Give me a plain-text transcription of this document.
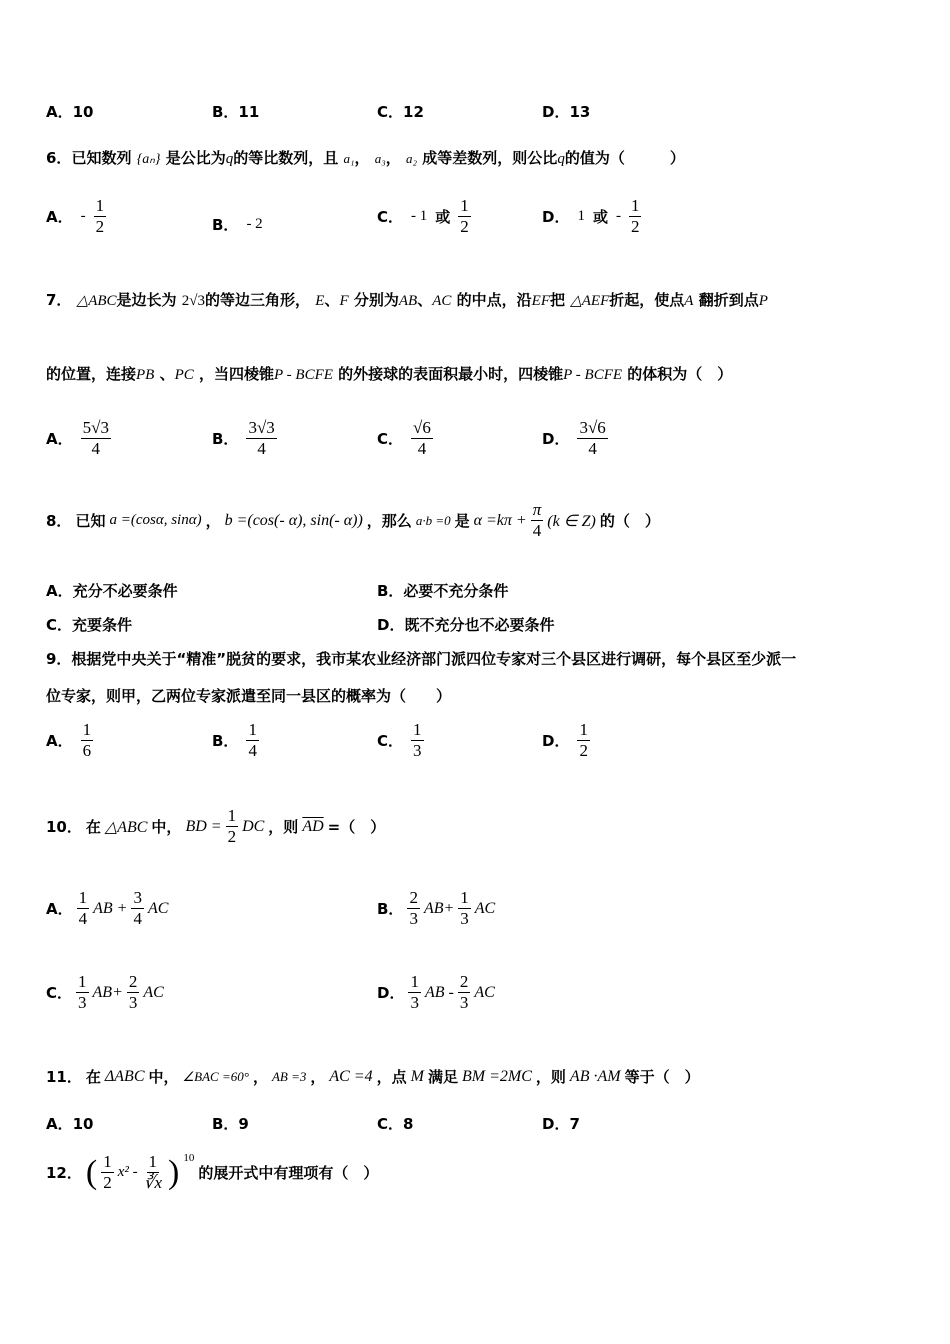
A．10	B．11	C．12	D．13
6．已知数列 {aₙ} 是公比为q的等比数列，且 a₁， a₃， a₂ 成等差数列，则公比q的值为（　　　）
A． - $\frac{1}{2}$	B． - 2	C． - 1 或 $\frac{1}{2}$	D． 1 或 - $\frac{1}{2}$
7． △ABC是边长为 2√3的等边三角形， E、F 分别为AB、AC 的中点，沿EF把 △AEF折起，使点A 翻折到点P
的位置，连接PB 、PC ，当四棱锥P - BCFE 的外接球的表面积最小时，四棱锥P - BCFE 的体积为（　）
A． $\frac{5√3}{4}$	B． $\frac{3√3}{4}$	C． $\frac{√6}{4}$	D． $\frac{3√6}{4}$
8． 已知 a =(cosα, sinα) ， b =(cos(- α), sin(- α)) ，那么 a·b =0 是 $\alpha =k\pi + \frac{\pi}{4} (k$ ∈ Z) 的（　）
A．充分不必要条件	B．必要不充分条件
C．充要条件	D．既不充分也不必要条件
9．根据党中央关于“精准”脱贫的要求，我市某农业经济部门派四位专家对三个县区进行调研，每个县区至少派一
位专家，则甲，乙两位专家派遣至同一县区的概率为（　　）
A． $\frac{1}{6}$	B． $\frac{1}{4}$	C． $\frac{1}{3}$	D． $\frac{1}{2}$
10． 在 △ABC 中， BD = $\frac{1}{2}$ DC ，则 $\overline{AD}$ =（　）
A． $\frac{1}{4}$ AB + $\frac{3}{4}$ AC	B． $\frac{2}{3} AB+ \frac{1}{3}$ AC
C． $\frac{1}{3} AB+ \frac{2}{3}$ AC	D． $\frac{1}{3}$ AB - $\frac{2}{3}$ AC
11． 在 ΔABC 中， ∠BAC =60° ， AB =3 ， AC =4 ，点 M 满足 BM =2MC ，则 AB ·AM 等于（　）
A．10	B．9	C．8	D．7
12． ( $\frac{1}{2} x^2 - \frac{1}{∛x}$ ) 10
的展开式中有理项有（　）
